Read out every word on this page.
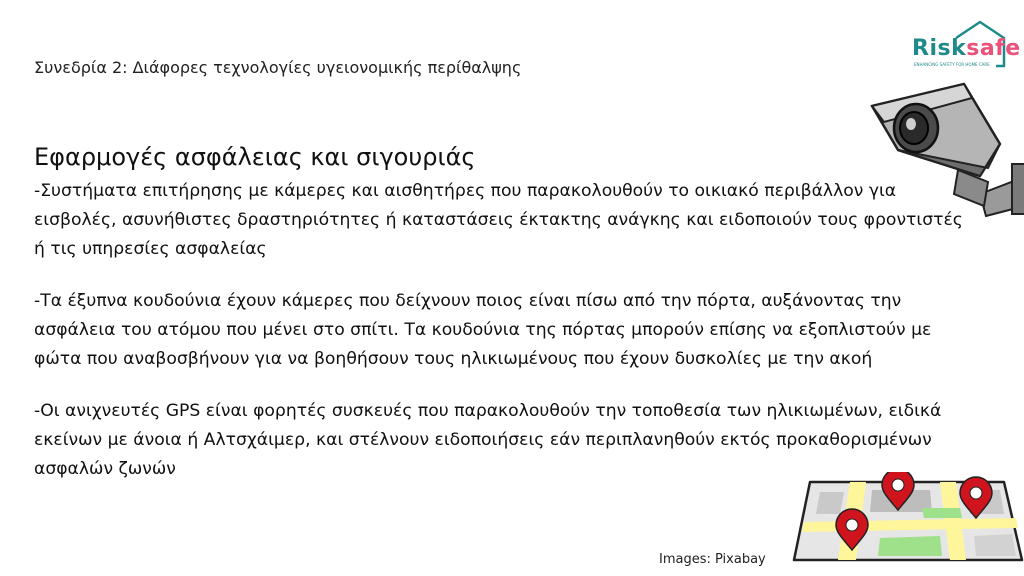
Συνεδρία 2: Διάφορες τεχνολογίες υγειονομικής περίθαλψης
Risksafe
ENHANCING SAFETY FOR HOME CARE
Εφαρμογές ασφάλειας και σιγουριάς
-Συστήματα επιτήρησης με κάμερες και αισθητήρες που παρακολουθούν το οικιακό περιβάλλον για
εισβολές, ασυνήθιστες δραστηριότητες ή καταστάσεις έκτακτης ανάγκης και ειδοποιούν τους φροντιστές
ή τις υπηρεσίες ασφαλείας
-Τα έξυπνα κουδούνια έχουν κάμερες που δείχνουν ποιος είναι πίσω από την πόρτα, αυξάνοντας την
ασφάλεια του ατόμου που μένει στο σπίτι. Τα κουδούνια της πόρτας μπορούν επίσης να εξοπλιστούν με
φώτα που αναβοσβήνουν για να βοηθήσουν τους ηλικιωμένους που έχουν δυσκολίες με την ακοή
-Οι ανιχνευτές GPS είναι φορητές συσκευές που παρακολουθούν την τοποθεσία των ηλικιωμένων, ειδικά
εκείνων με άνοια ή Αλτσχάιμερ, και στέλνουν ειδοποιήσεις εάν περιπλανηθούν εκτός προκαθορισμένων
ασφαλών ζωνών
Images: Pixabay
